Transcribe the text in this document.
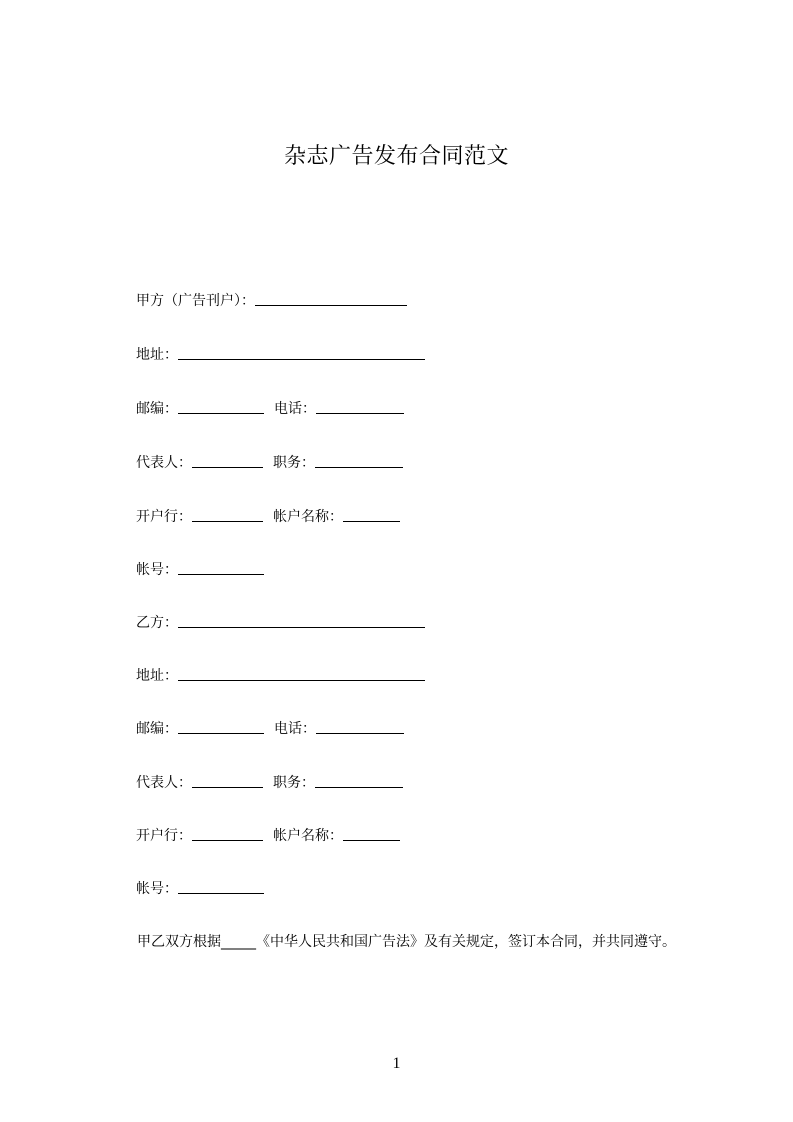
杂志广告发布合同范文
甲方（广告刊户）：
地址：
邮编：	电话：
代表人：	职务：
开户行：	帐户名称：
帐号：
乙方：
地址：
邮编：	电话：
代表人：	职务：
开户行：	帐户名称：
帐号：
甲乙双方根据_____《中华人民共和国广告法》及有关规定，签订本合同，并共同遵守。
1
